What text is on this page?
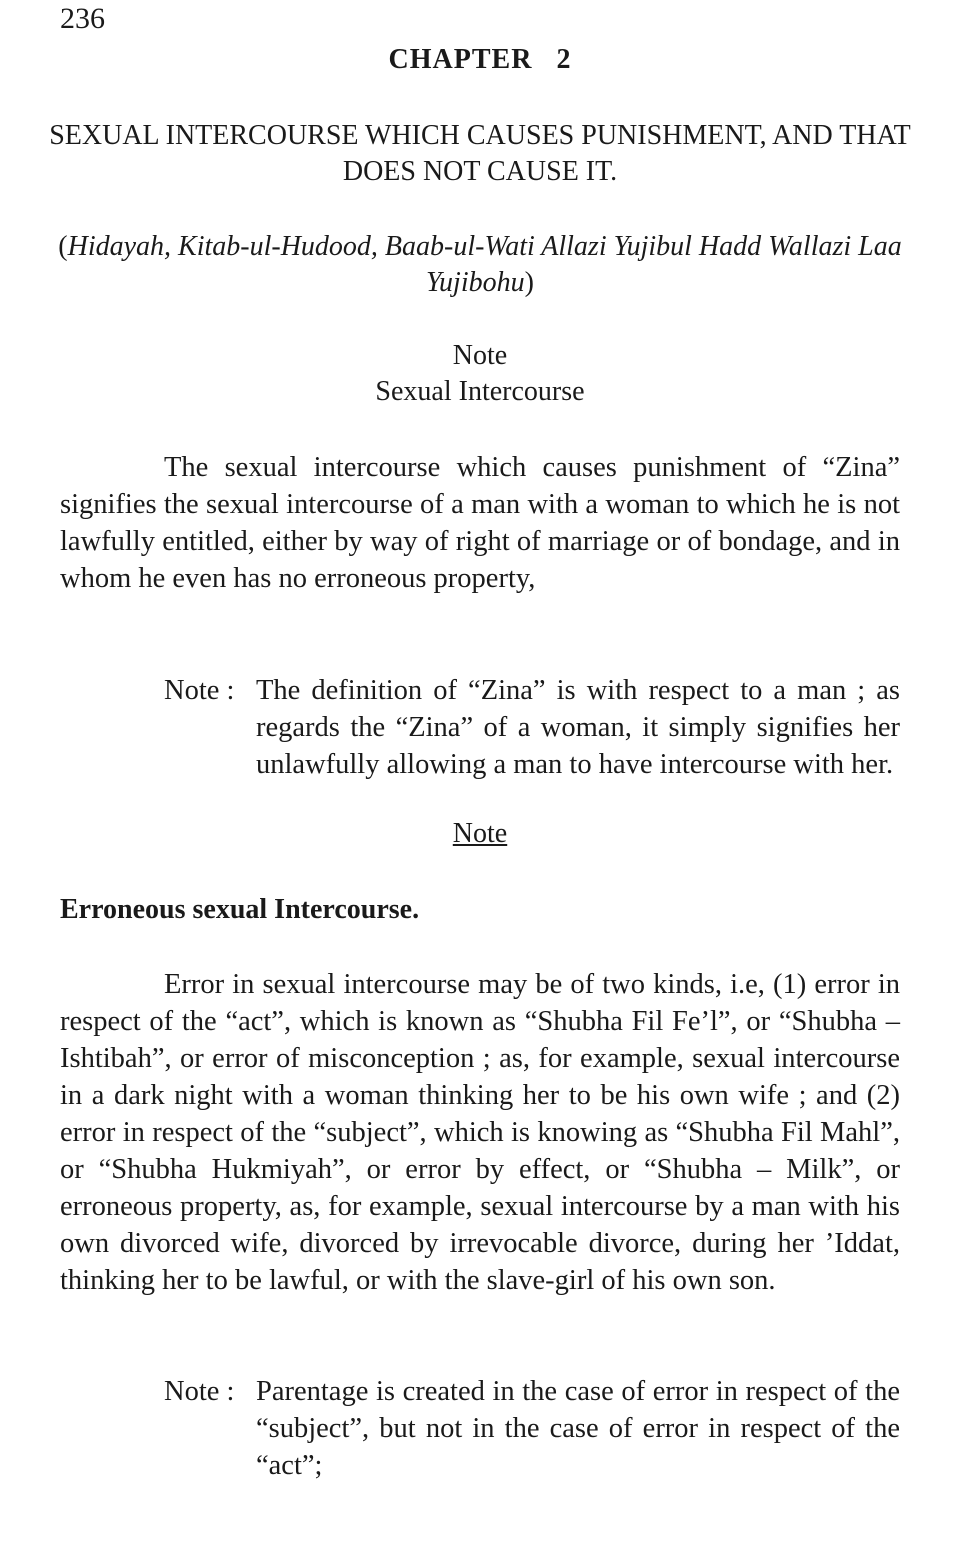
236
CHAPTER   2
SEXUAL INTERCOURSE WHICH CAUSES PUNISHMENT, AND THAT DOES NOT CAUSE IT.
(Hidayah, Kitab-ul-Hudood, Baab-ul-Wati Allazi Yujibul Hadd Wallazi Laa Yujibohu)
Note
Sexual Intercourse
The sexual intercourse which causes punishment of “Zina” signifies the sexual intercourse of a man with a woman to which he is not lawfully entitled, either by way of right of marriage or of bondage, and in whom he even has no erroneous property,
Note : The definition of “Zina” is with respect to a man ; as regards the “Zina” of a woman, it simply signifies her unlawfully allowing a man to have intercourse with her.
Note
Erroneous sexual Intercourse.
Error in sexual intercourse may be of two kinds, i.e, (1) error in respect of the “act”, which is known as “Shubha Fil Fe’l”, or “Shubha – Ishtibah”, or error of misconception ; as, for example, sexual intercourse in a dark night with a woman thinking her to be his own wife ; and (2) error in respect of the “subject”, which is knowing as “Shubha Fil Mahl”, or “Shubha Hukmiyah”, or error by effect, or “Shubha – Milk”, or erroneous property, as, for example, sexual intercourse by a man with his own divorced wife, divorced by irrevocable divorce, during her ’Iddat, thinking her to be lawful, or with the slave-girl of his own son.
Note : Parentage is created in the case of error in respect of the “subject”, but not in the case of error in respect of the “act”;
